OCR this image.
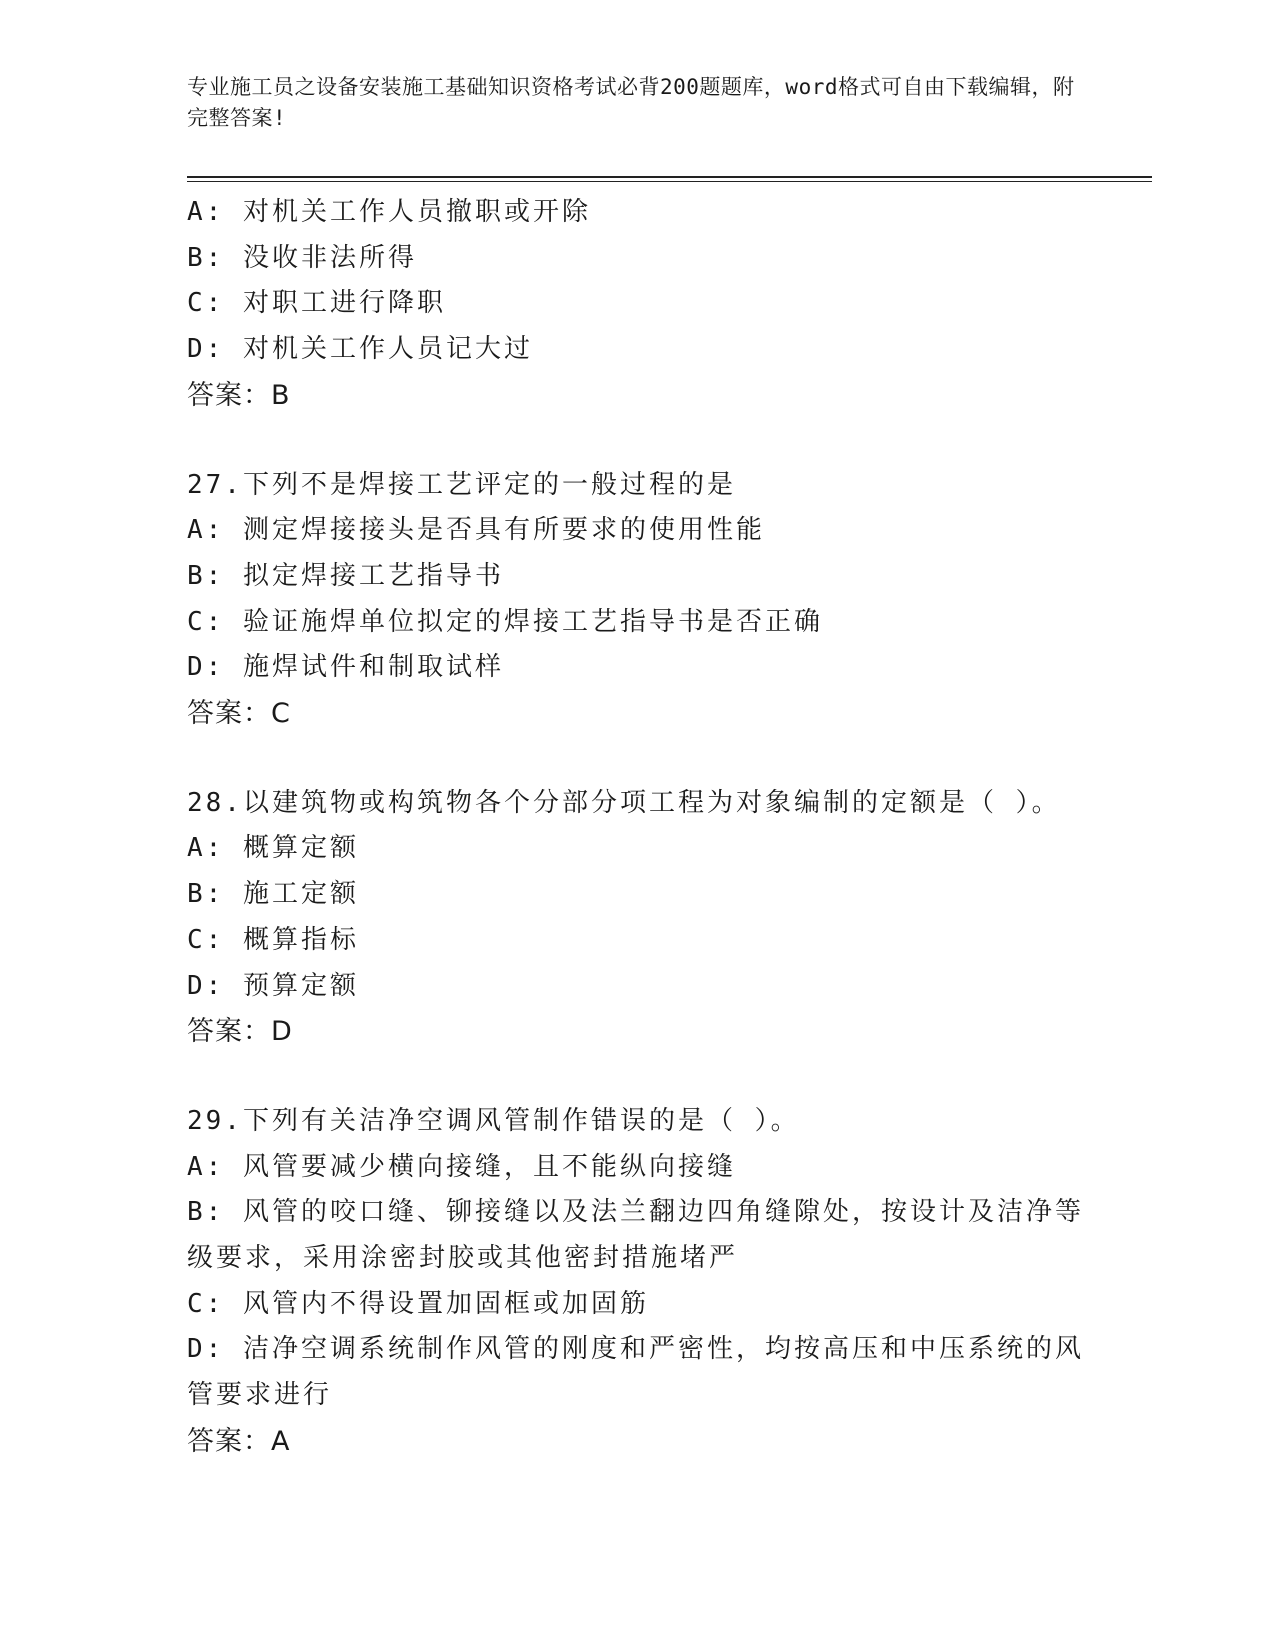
专业施工员之设备安装施工基础知识资格考试必背200题题库，word格式可自由下载编辑，附完整答案!
A: 对机关工作人员撤职或开除
B: 没收非法所得
C: 对职工进行降职
D: 对机关工作人员记大过
答案：B
27.下列不是焊接工艺评定的一般过程的是
A: 测定焊接接头是否具有所要求的使用性能
B: 拟定焊接工艺指导书
C: 验证施焊单位拟定的焊接工艺指导书是否正确
D: 施焊试件和制取试样
答案：C
28.以建筑物或构筑物各个分部分项工程为对象编制的定额是（ ）。
A: 概算定额
B: 施工定额
C: 概算指标
D: 预算定额
答案：D
29.下列有关洁净空调风管制作错误的是（ ）。
A: 风管要减少横向接缝，且不能纵向接缝
B: 风管的咬口缝、铆接缝以及法兰翻边四角缝隙处，按设计及洁净等级要求，采用涂密封胶或其他密封措施堵严
C: 风管内不得设置加固框或加固筋
D: 洁净空调系统制作风管的刚度和严密性，均按高压和中压系统的风管要求进行
答案：A
